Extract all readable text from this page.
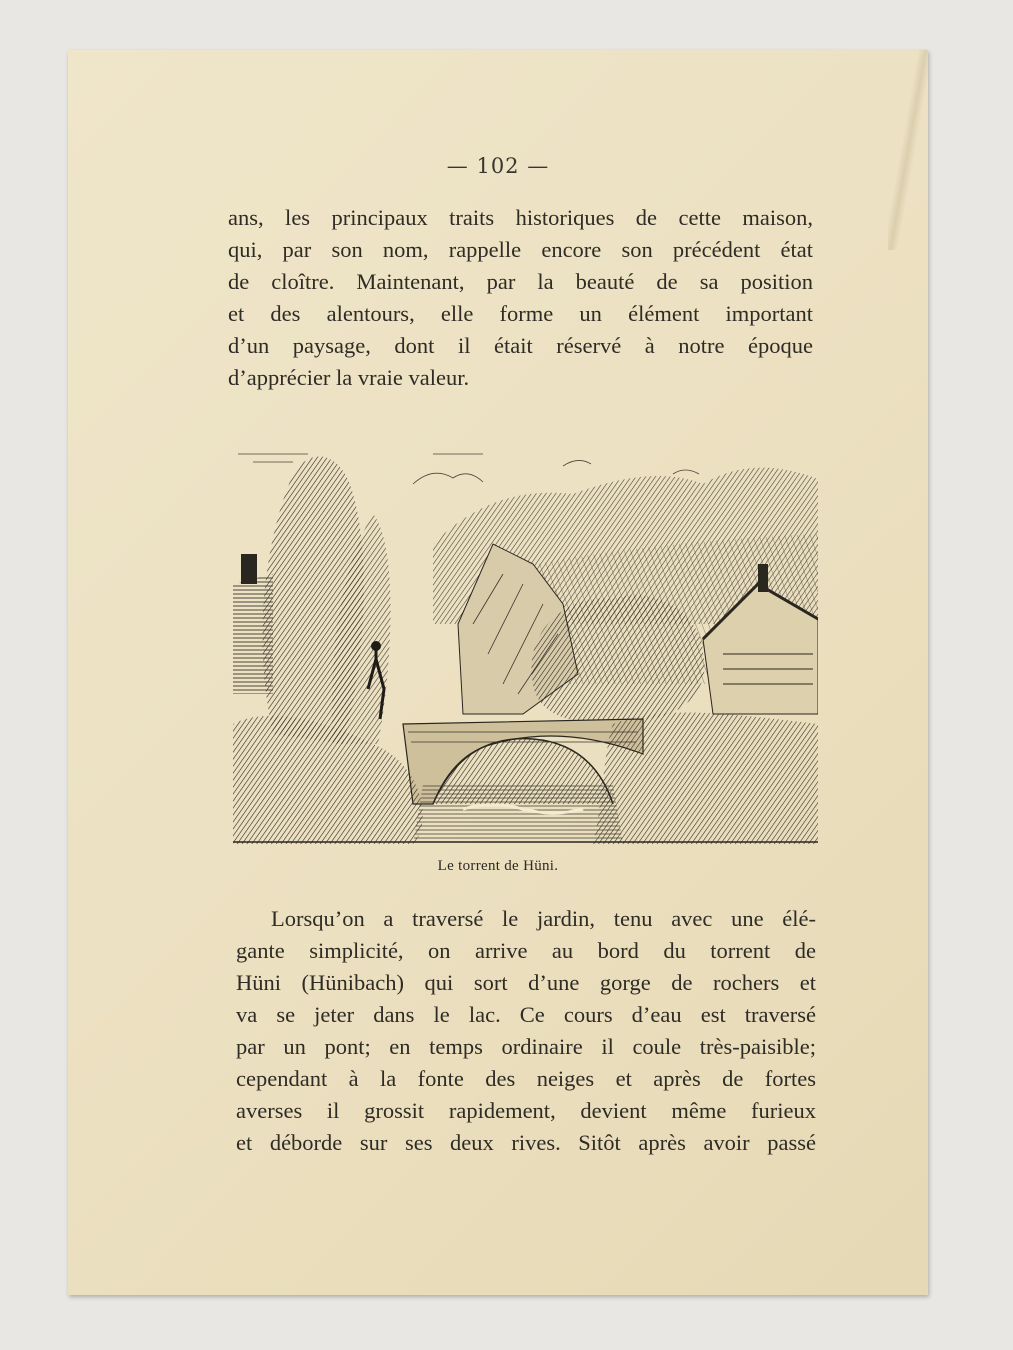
— 102 —
ans, les principaux traits historiques de cette maison,
qui, par son nom, rappelle encore son précédent état
de cloître. Maintenant, par la beauté de sa position
et des alentours, elle forme un élément important
d’un paysage, dont il était réservé à notre époque
d’apprécier la vraie valeur.
Le torrent de Hüni.
Lorsqu’on a traversé le jardin, tenu avec une élé-
gante simplicité, on arrive au bord du torrent de
Hüni (Hünibach) qui sort d’une gorge de rochers et
va se jeter dans le lac. Ce cours d’eau est traversé
par un pont; en temps ordinaire il coule très-paisible;
cependant à la fonte des neiges et après de fortes
averses il grossit rapidement, devient même furieux
et déborde sur ses deux rives. Sitôt après avoir passé
